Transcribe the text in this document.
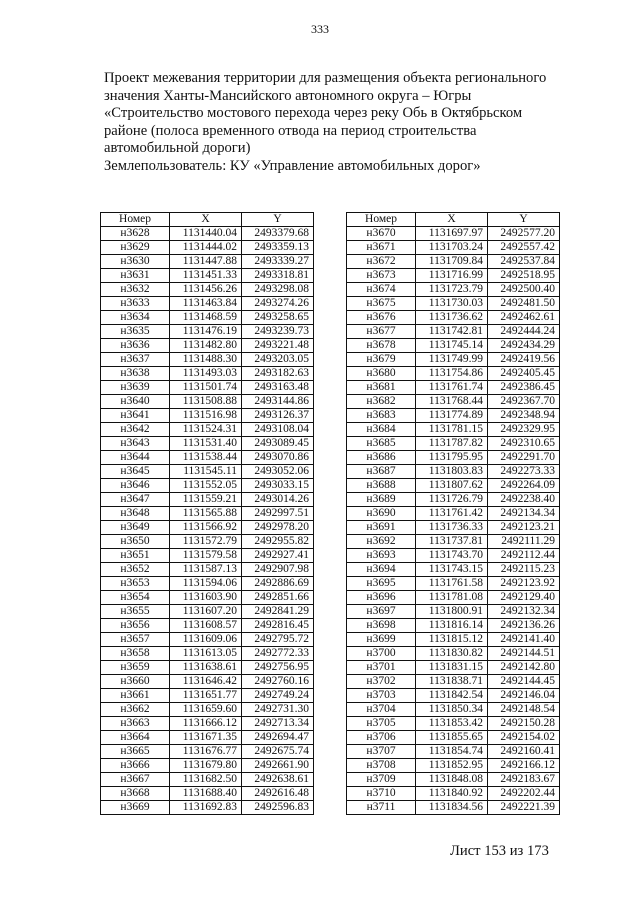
333
Проект межевания территории для размещения объекта регионального
значения Ханты-Мансийского автономного округа – Югры
«Строительство мостового перехода через реку Обь в Октябрьском
районе (полоса временного отвода на период строительства
автомобильной дороги)
Землепользователь: КУ «Управление автомобильных дорог»
Номер	X	Y
н3628	1131440.04	2493379.68
н3629	1131444.02	2493359.13
н3630	1131447.88	2493339.27
н3631	1131451.33	2493318.81
н3632	1131456.26	2493298.08
н3633	1131463.84	2493274.26
н3634	1131468.59	2493258.65
н3635	1131476.19	2493239.73
н3636	1131482.80	2493221.48
н3637	1131488.30	2493203.05
н3638	1131493.03	2493182.63
н3639	1131501.74	2493163.48
н3640	1131508.88	2493144.86
н3641	1131516.98	2493126.37
н3642	1131524.31	2493108.04
н3643	1131531.40	2493089.45
н3644	1131538.44	2493070.86
н3645	1131545.11	2493052.06
н3646	1131552.05	2493033.15
н3647	1131559.21	2493014.26
н3648	1131565.88	2492997.51
н3649	1131566.92	2492978.20
н3650	1131572.79	2492955.82
н3651	1131579.58	2492927.41
н3652	1131587.13	2492907.98
н3653	1131594.06	2492886.69
н3654	1131603.90	2492851.66
н3655	1131607.20	2492841.29
н3656	1131608.57	2492816.45
н3657	1131609.06	2492795.72
н3658	1131613.05	2492772.33
н3659	1131638.61	2492756.95
н3660	1131646.42	2492760.16
н3661	1131651.77	2492749.24
н3662	1131659.60	2492731.30
н3663	1131666.12	2492713.34
н3664	1131671.35	2492694.47
н3665	1131676.77	2492675.74
н3666	1131679.80	2492661.90
н3667	1131682.50	2492638.61
н3668	1131688.40	2492616.48
н3669	1131692.83	2492596.83
Номер	X	Y
н3670	1131697.97	2492577.20
н3671	1131703.24	2492557.42
н3672	1131709.84	2492537.84
н3673	1131716.99	2492518.95
н3674	1131723.79	2492500.40
н3675	1131730.03	2492481.50
н3676	1131736.62	2492462.61
н3677	1131742.81	2492444.24
н3678	1131745.14	2492434.29
н3679	1131749.99	2492419.56
н3680	1131754.86	2492405.45
н3681	1131761.74	2492386.45
н3682	1131768.44	2492367.70
н3683	1131774.89	2492348.94
н3684	1131781.15	2492329.95
н3685	1131787.82	2492310.65
н3686	1131795.95	2492291.70
н3687	1131803.83	2492273.33
н3688	1131807.62	2492264.09
н3689	1131726.79	2492238.40
н3690	1131761.42	2492134.34
н3691	1131736.33	2492123.21
н3692	1131737.81	2492111.29
н3693	1131743.70	2492112.44
н3694	1131743.15	2492115.23
н3695	1131761.58	2492123.92
н3696	1131781.08	2492129.40
н3697	1131800.91	2492132.34
н3698	1131816.14	2492136.26
н3699	1131815.12	2492141.40
н3700	1131830.82	2492144.51
н3701	1131831.15	2492142.80
н3702	1131838.71	2492144.45
н3703	1131842.54	2492146.04
н3704	1131850.34	2492148.54
н3705	1131853.42	2492150.28
н3706	1131855.65	2492154.02
н3707	1131854.74	2492160.41
н3708	1131852.95	2492166.12
н3709	1131848.08	2492183.67
н3710	1131840.92	2492202.44
н3711	1131834.56	2492221.39
Лист 153 из 173
